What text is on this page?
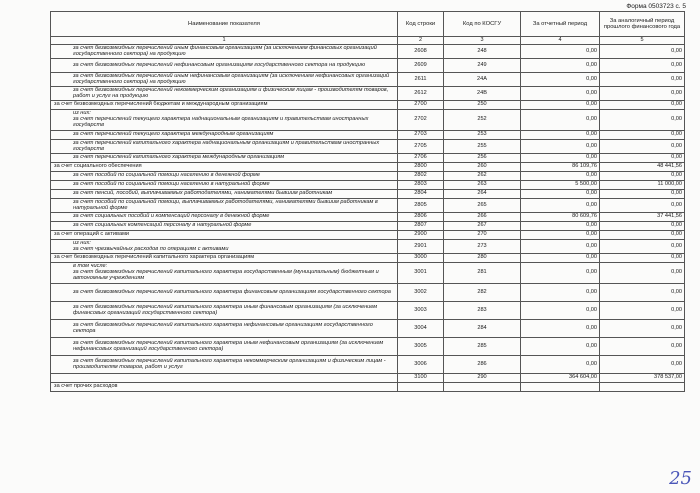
Форма 0503723 с. 5
Наименование показателя	Код строки	Код по КОСГУ	За отчетный период	За аналогичный период прошлого финансового года
1	2	3	4	5
за счет безвозмездных перечислений иным финансовым организациям (за исключением финансовых организаций государственного сектора) на продукцию	2608	248	0,00	0,00
за счет безвозмездных перечислений нефинансовым организациям государственного сектора на продукцию	2609	249	0,00	0,00
за счет безвозмездных перечислений иным нефинансовым организациям (за исключением нефинансовых организаций государственного сектора) на продукцию	2611	24A	0,00	0,00
за счет безвозмездных перечислений некоммерческим организациям и физическим лицам - производителям товаров, работ и услуг на продукцию	2612	24B	0,00	0,00
за счет безвозмездных перечислений бюджетам и международным организациям	2700	250	0,00	0,00
из них:
за счет перечислений текущего характера наднациональным организациям и правительствам иностранных государств	2702	252	0,00	0,00
за счет перечислений текущего характера международным организациям	2703	253	0,00	0,00
за счет перечислений капитального характера наднациональным организациям и правительствам иностранных государств	2705	255	0,00	0,00
за счет перечислений капитального характера международным организациям	2706	256	0,00	0,00
за счет социального обеспечения	2800	260	86 109,76	48 441,56
за счет пособий по социальной помощи населению в денежной форме	2802	262	0,00	0,00
за счет пособий по социальной помощи населению в натуральной форме	2803	263	5 500,00	11 000,00
за счет пенсий, пособий, выплачиваемых работодателями, нанимателями бывшим работникам	2804	264	0,00	0,00
за счет пособий по социальной помощи, выплачиваемых работодателями, нанимателями бывшим работникам в натуральной форме	2805	265	0,00	0,00
за счет социальных пособий и компенсаций персоналу в денежной форме	2806	266	80 609,76	37 441,56
за счет социальных компенсаций персоналу в натуральной форме	2807	267	0,00	0,00
за счет операций с активами	2900	270	0,00	0,00
из них:
за счет чрезвычайных расходов по операциям с активами	2901	273	0,00	0,00
за счет безвозмездных перечислений капитального характера организациям	3000	280	0,00	0,00
в том числе:
за счет безвозмездных перечислений капитального характера государственным (муниципальным) бюджетным и автономным учреждениям	3001	281	0,00	0,00
за счет безвозмездных перечислений капитального характера финансовым организациям государственного сектора	3002	282	0,00	0,00
за счет безвозмездных перечислений капитального характера иным финансовым организациям (за исключением финансовых организаций государственного сектора)	3003	283	0,00	0,00
за счет безвозмездных перечислений капитального характера нефинансовым организациям государственного сектора	3004	284	0,00	0,00
за счет безвозмездных перечислений капитального характера иным нефинансовым организациям (за исключением нефинансовых организаций государственного сектора)	3005	285	0,00	0,00
за счет безвозмездных перечислений капитального характера некоммерческим организациям и физическим лицам - производителям товаров, работ и услуг	3006	286	0,00	0,00
	3100	290	364 604,00	378 537,00
за счет прочих расходов				
25
